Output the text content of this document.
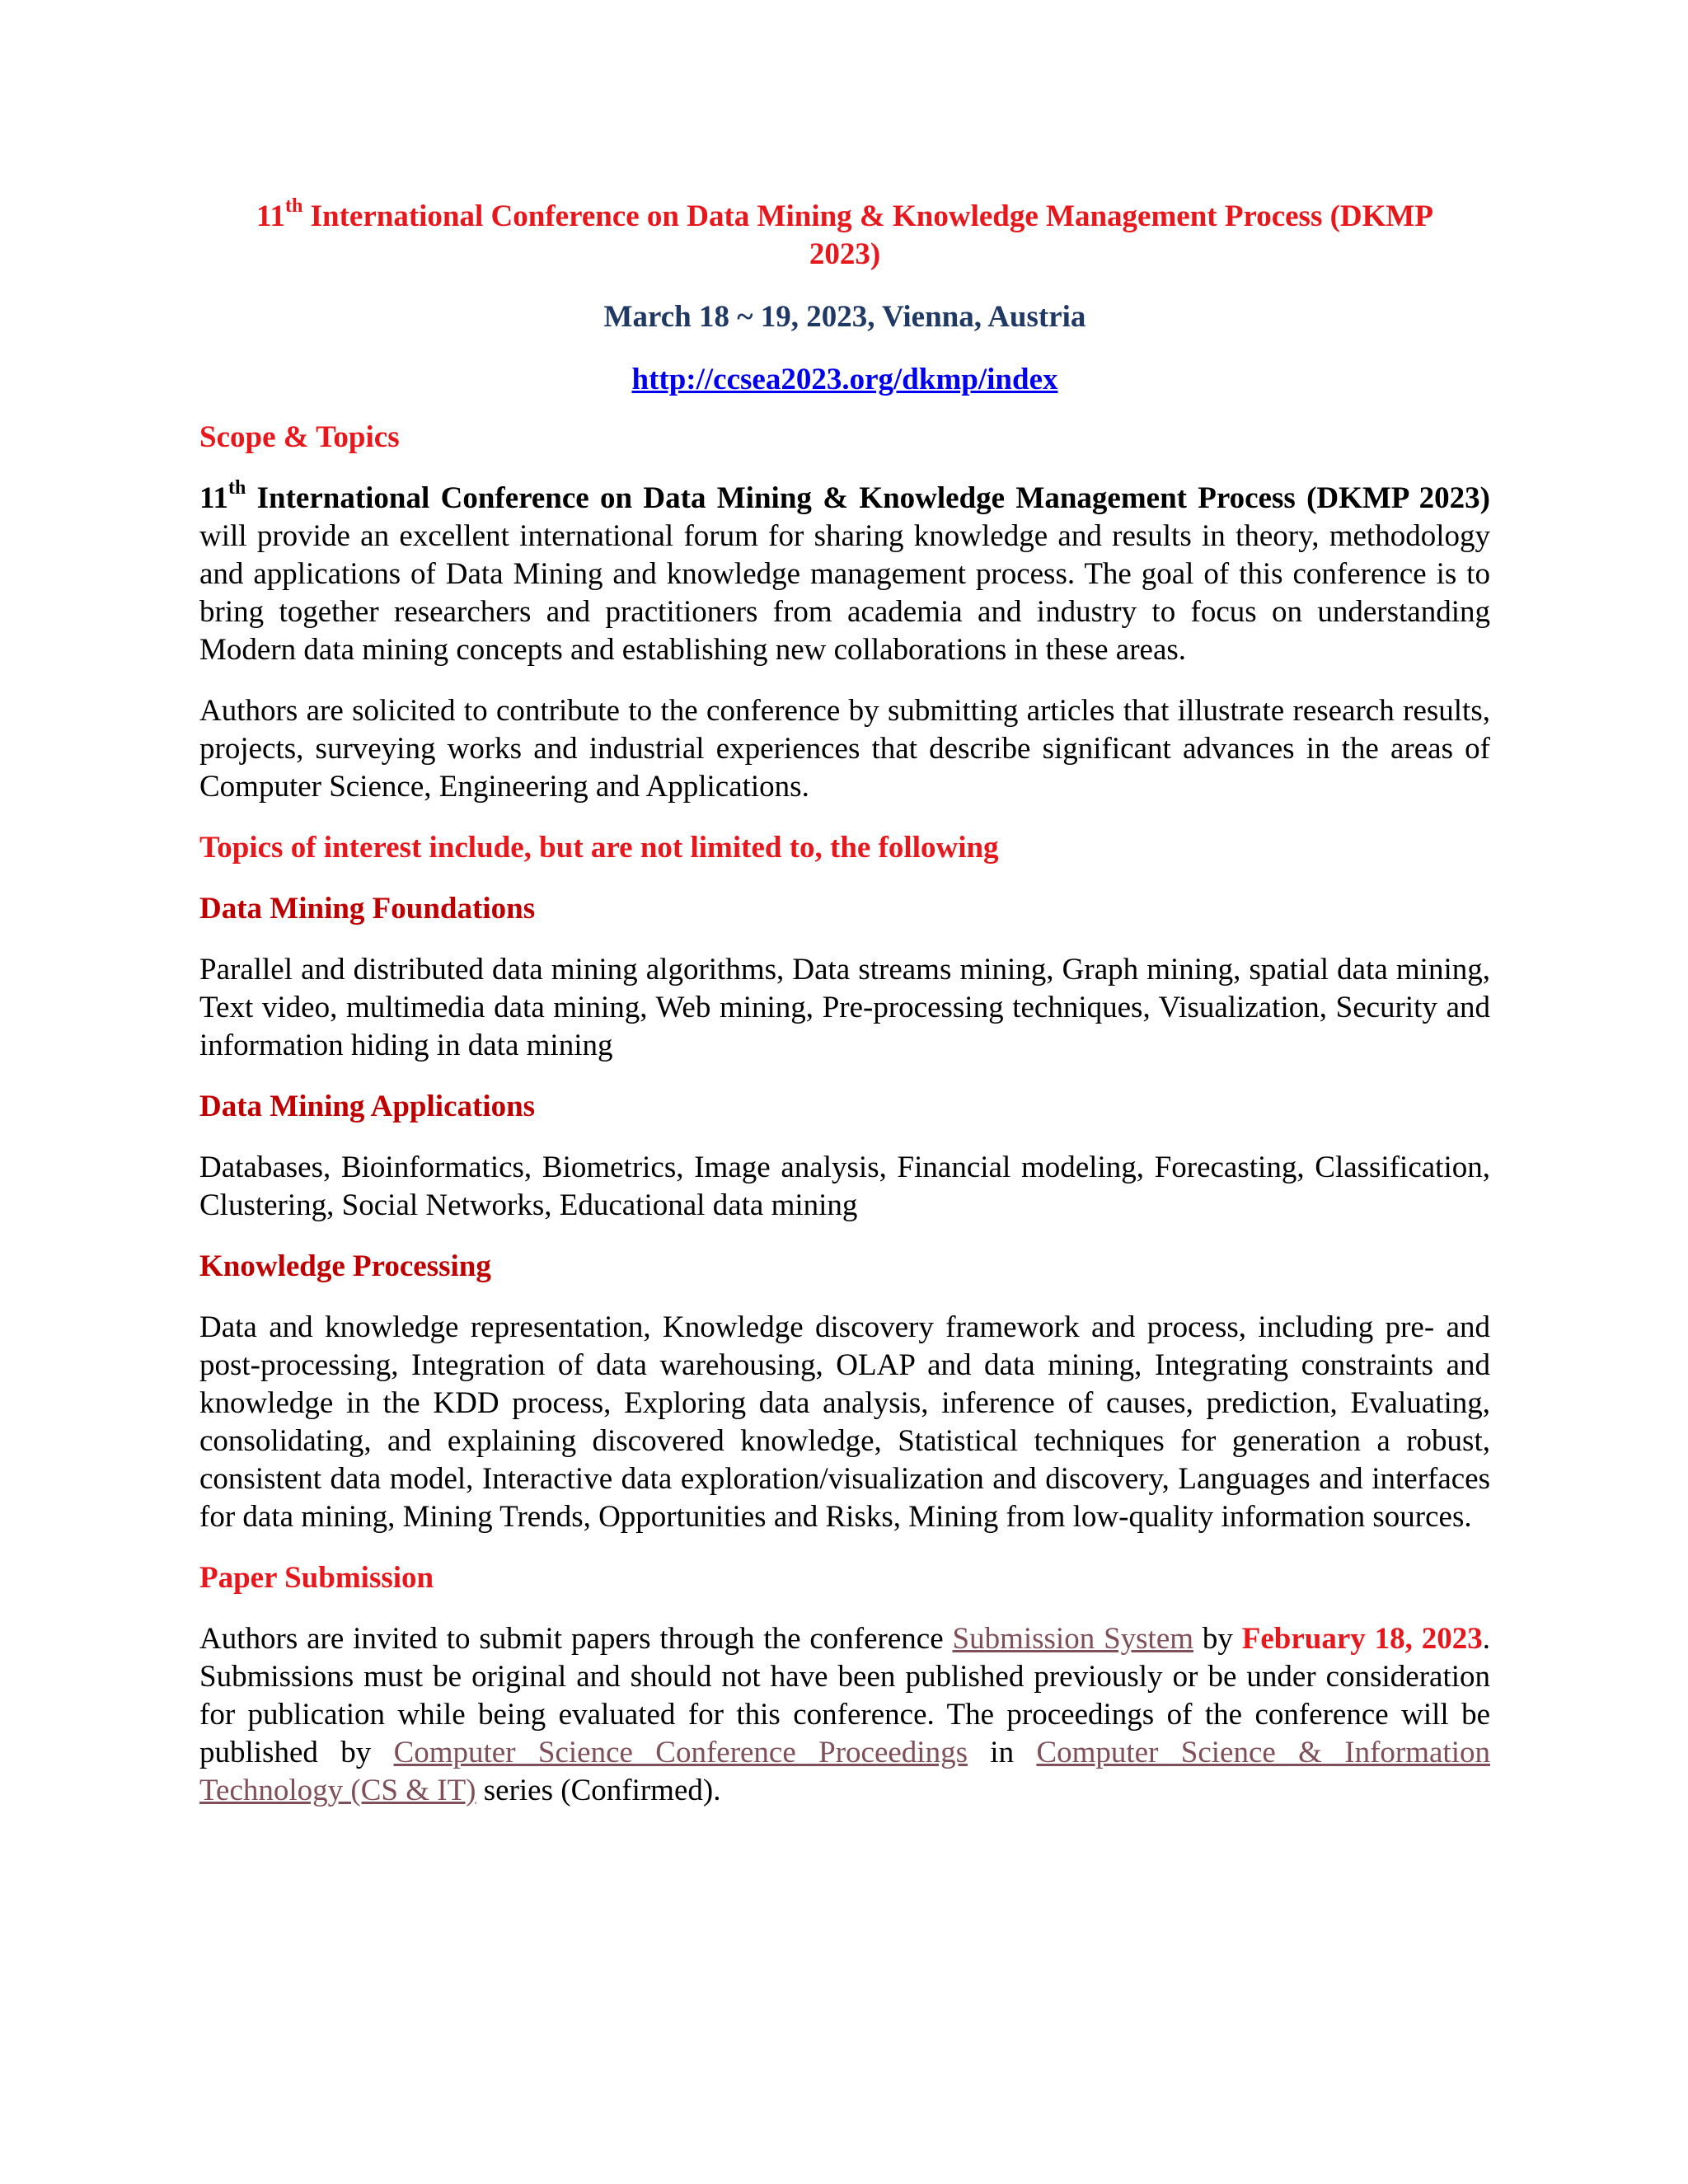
11th International Conference on Data Mining & Knowledge Management Process (DKMP
2023)

March 18 ~ 19, 2023, Vienna, Austria

http://ccsea2023.org/dkmp/index

Scope & Topics

11th International Conference on Data Mining & Knowledge Management Process (DKMP 2023) will provide an excellent international forum for sharing knowledge and results in theory, methodology and applications of Data Mining and knowledge management process. The goal of this conference is to bring together researchers and practitioners from academia and industry to focus on understanding Modern data mining concepts and establishing new collaborations in these areas.

Authors are solicited to contribute to the conference by submitting articles that illustrate research results, projects, surveying works and industrial experiences that describe significant advances in the areas of Computer Science, Engineering and Applications.

Topics of interest include, but are not limited to, the following

Data Mining Foundations

Parallel and distributed data mining algorithms, Data streams mining, Graph mining, spatial data mining, Text video, multimedia data mining, Web mining, Pre-processing techniques, Visualization, Security and information hiding in data mining

Data Mining Applications

Databases, Bioinformatics, Biometrics, Image analysis, Financial modeling, Forecasting, Classification, Clustering, Social Networks, Educational data mining

Knowledge Processing

Data and knowledge representation, Knowledge discovery framework and process, including pre- and post-processing, Integration of data warehousing, OLAP and data mining, Integrating constraints and knowledge in the KDD process, Exploring data analysis, inference of causes, prediction, Evaluating, consolidating, and explaining discovered knowledge, Statistical techniques for generation a robust, consistent data model, Interactive data exploration/visualization and discovery, Languages and interfaces for data mining, Mining Trends, Opportunities and Risks, Mining from low-quality information sources.

Paper Submission

Authors are invited to submit papers through the conference Submission System by February 18, 2023. Submissions must be original and should not have been published previously or be under consideration for publication while being evaluated for this conference. The proceedings of the conference will be published by Computer Science Conference Proceedings in Computer Science & Information Technology (CS & IT) series (Confirmed).
